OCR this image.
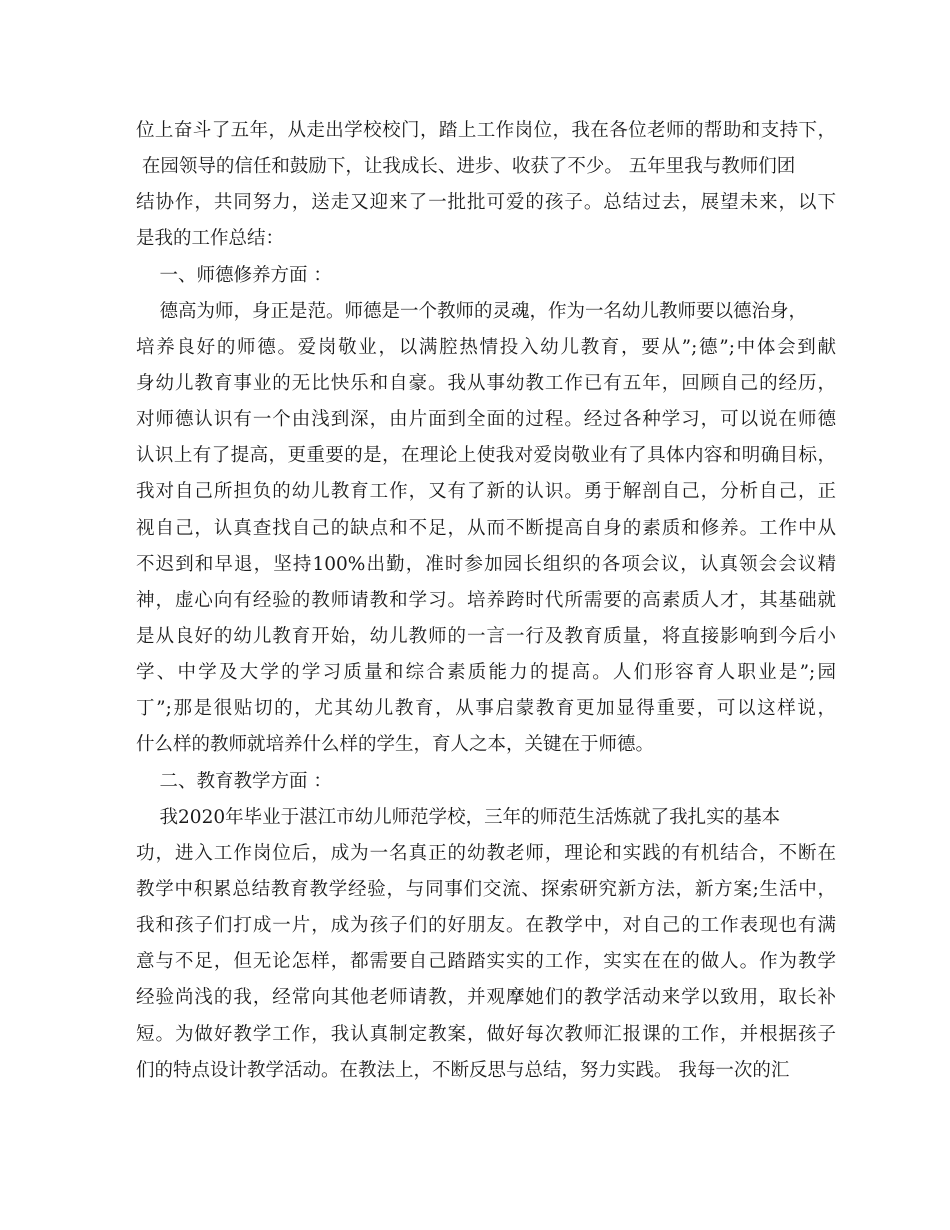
位上奋斗了五年，从走出学校校门，踏上工作岗位，我在各位老师的帮助和支持下，
在园领导的信任和鼓励下，让我成长、进步、收获了不少。 五年里我与教师们团
结协作，共同努力，送走又迎来了一批批可爱的孩子。总结过去，展望未来，以下
是我的工作总结：
一、师德修养方面 ：
德高为师，身正是范。师德是一个教师的灵魂，作为一名幼儿教师要以德治身，
培养良好的师德。爱岗敬业，以满腔热情投入幼儿教育，要从”;德”;中体会到献
身幼儿教育事业的无比快乐和自豪。我从事幼教工作已有五年，回顾自己的经历，
对师德认识有一个由浅到深，由片面到全面的过程。经过各种学习，可以说在师德
认识上有了提高，更重要的是，在理论上使我对爱岗敬业有了具体内容和明确目标，
我对自己所担负的幼儿教育工作，又有了新的认识。勇于解剖自己，分析自己，正
视自己，认真查找自己的缺点和不足，从而不断提高自身的素质和修养。工作中从
不迟到和早退，坚持100%出勤，准时参加园长组织的各项会议，认真领会会议精
神，虚心向有经验的教师请教和学习。培养跨时代所需要的高素质人才，其基础就
是从良好的幼儿教育开始，幼儿教师的一言一行及教育质量，将直接影响到今后小
学、中学及大学的学习质量和综合素质能力的提高。人们形容育人职业是”;园
丁”;那是很贴切的，尤其幼儿教育，从事启蒙教育更加显得重要，可以这样说，
什么样的教师就培养什么样的学生，育人之本，关键在于师德。
二、教育教学方面 ：
我2020年毕业于湛江市幼儿师范学校，三年的师范生活炼就了我扎实的基本
功，进入工作岗位后，成为一名真正的幼教老师，理论和实践的有机结合，不断在
教学中积累总结教育教学经验，与同事们交流、探索研究新方法，新方案;生活中，
我和孩子们打成一片，成为孩子们的好朋友。在教学中，对自己的工作表现也有满
意与不足，但无论怎样，都需要自己踏踏实实的工作，实实在在的做人。作为教学
经验尚浅的我，经常向其他老师请教，并观摩她们的教学活动来学以致用，取长补
短。为做好教学工作，我认真制定教案，做好每次教师汇报课的工作，并根据孩子
们的特点设计教学活动。在教法上，不断反思与总结，努力实践。 我每一次的汇
